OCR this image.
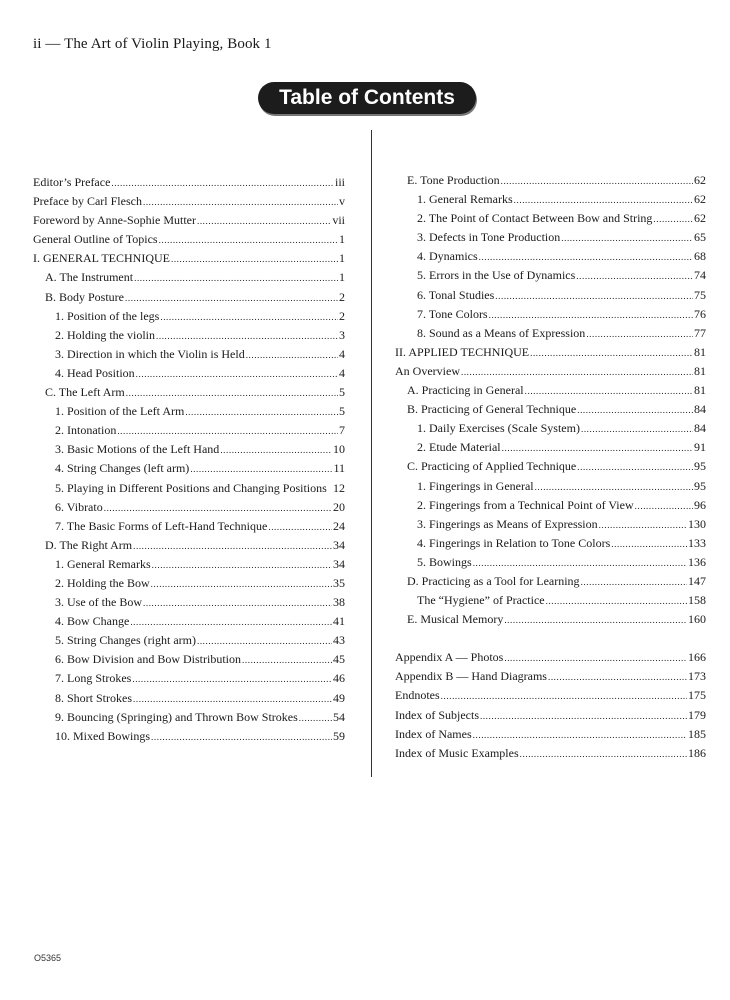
ii — The Art of Violin Playing, Book 1
Table of Contents
Editor’s Preface .....	iii
Preface by Carl Flesch .....	v
Foreword by Anne-Sophie Mutter .....	vii
General Outline of Topics .....	1
I. GENERAL TECHNIQUE .....	1
A. The Instrument .....	1
B. Body Posture .....	2
1. Position of the legs .....	2
2. Holding the violin .....	3
3. Direction in which the Violin is Held .....	4
4. Head Position .....	4
C. The Left Arm .....	5
1. Position of the Left Arm .....	5
2. Intonation .....	7
3. Basic Motions of the Left Hand .....	10
4. String Changes (left arm) .....	11
5. Playing in Different Positions and Changing Positions 12
6. Vibrato .....	20
7. The Basic Forms of Left-Hand Technique .....	24
D. The Right Arm .....	34
1. General Remarks .....	34
2. Holding the Bow .....	35
3. Use of the Bow .....	38
4. Bow Change .....	41
5. String Changes (right arm) .....	43
6. Bow Division and Bow Distribution .....	45
7. Long Strokes .....	46
8. Short Strokes .....	49
9. Bouncing (Springing) and Thrown Bow Strokes .....	54
10. Mixed Bowings .....	59
E. Tone Production .....	62
1. General Remarks .....	62
2. The Point of Contact Between Bow and String .....	62
3. Defects in Tone Production .....	65
4. Dynamics .....	68
5. Errors in the Use of Dynamics .....	74
6. Tonal Studies .....	75
7. Tone Colors .....	76
8. Sound as a Means of Expression .....	77
II. APPLIED TECHNIQUE .....	81
An Overview .....	81
A. Practicing in General .....	81
B. Practicing of General Technique .....	84
1. Daily Exercises (Scale System) .....	84
2. Etude Material .....	91
C. Practicing of Applied Technique .....	95
1. Fingerings in General .....	95
2. Fingerings from a Technical Point of View .....	96
3. Fingerings as Means of Expression .....	130
4. Fingerings in Relation to Tone Colors .....	133
5. Bowings .....	136
D. Practicing as a Tool for Learning .....	147
The “Hygiene” of Practice .....	158
E. Musical Memory .....	160
Appendix A — Photos .....	166
Appendix B — Hand Diagrams .....	173
Endnotes .....	175
Index of Subjects .....	179
Index of Names .....	185
Index of Music Examples .....	186
O5365
